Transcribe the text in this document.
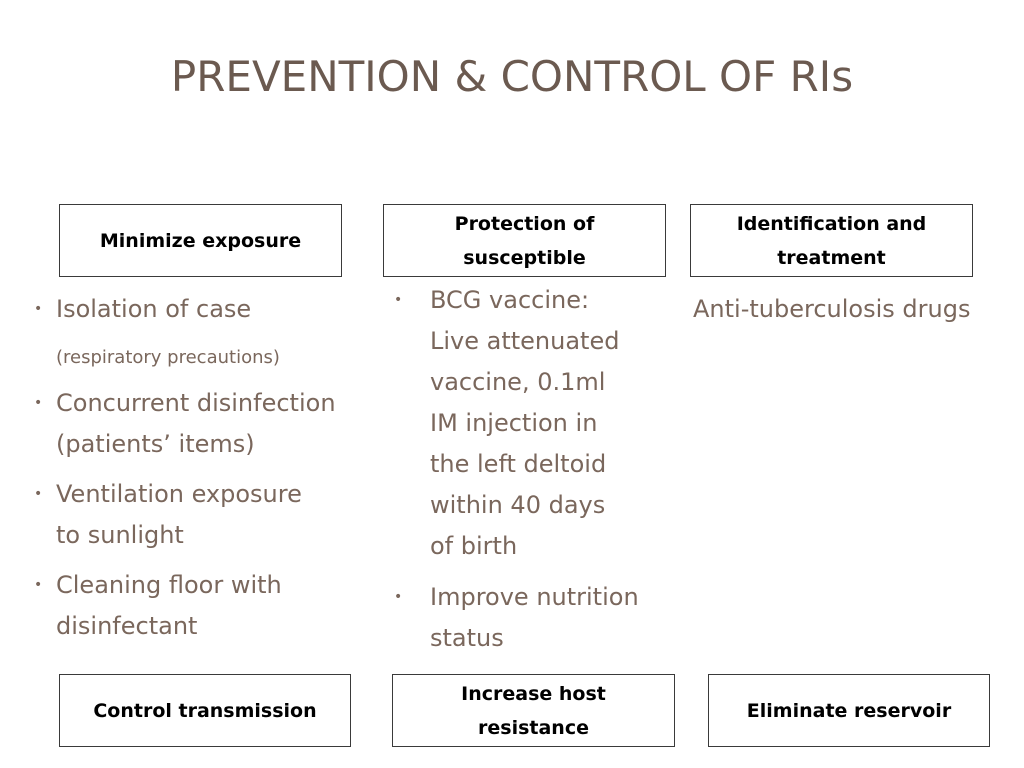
PREVENTION & CONTROL OF RIs
Minimize exposure
Protection of susceptible
Identification and treatment
• Isolation of case
(respiratory precautions)
• Concurrent disinfection
(patients’ items)
• Ventilation exposure
to sunlight
• Cleaning floor with
disinfectant
• BCG vaccine:
Live attenuated
vaccine, 0.1ml
IM injection in
the left deltoid
within 40 days
of birth
• Improve nutrition
status
Anti-tuberculosis drugs
Control transmission
Increase host resistance
Eliminate reservoir
